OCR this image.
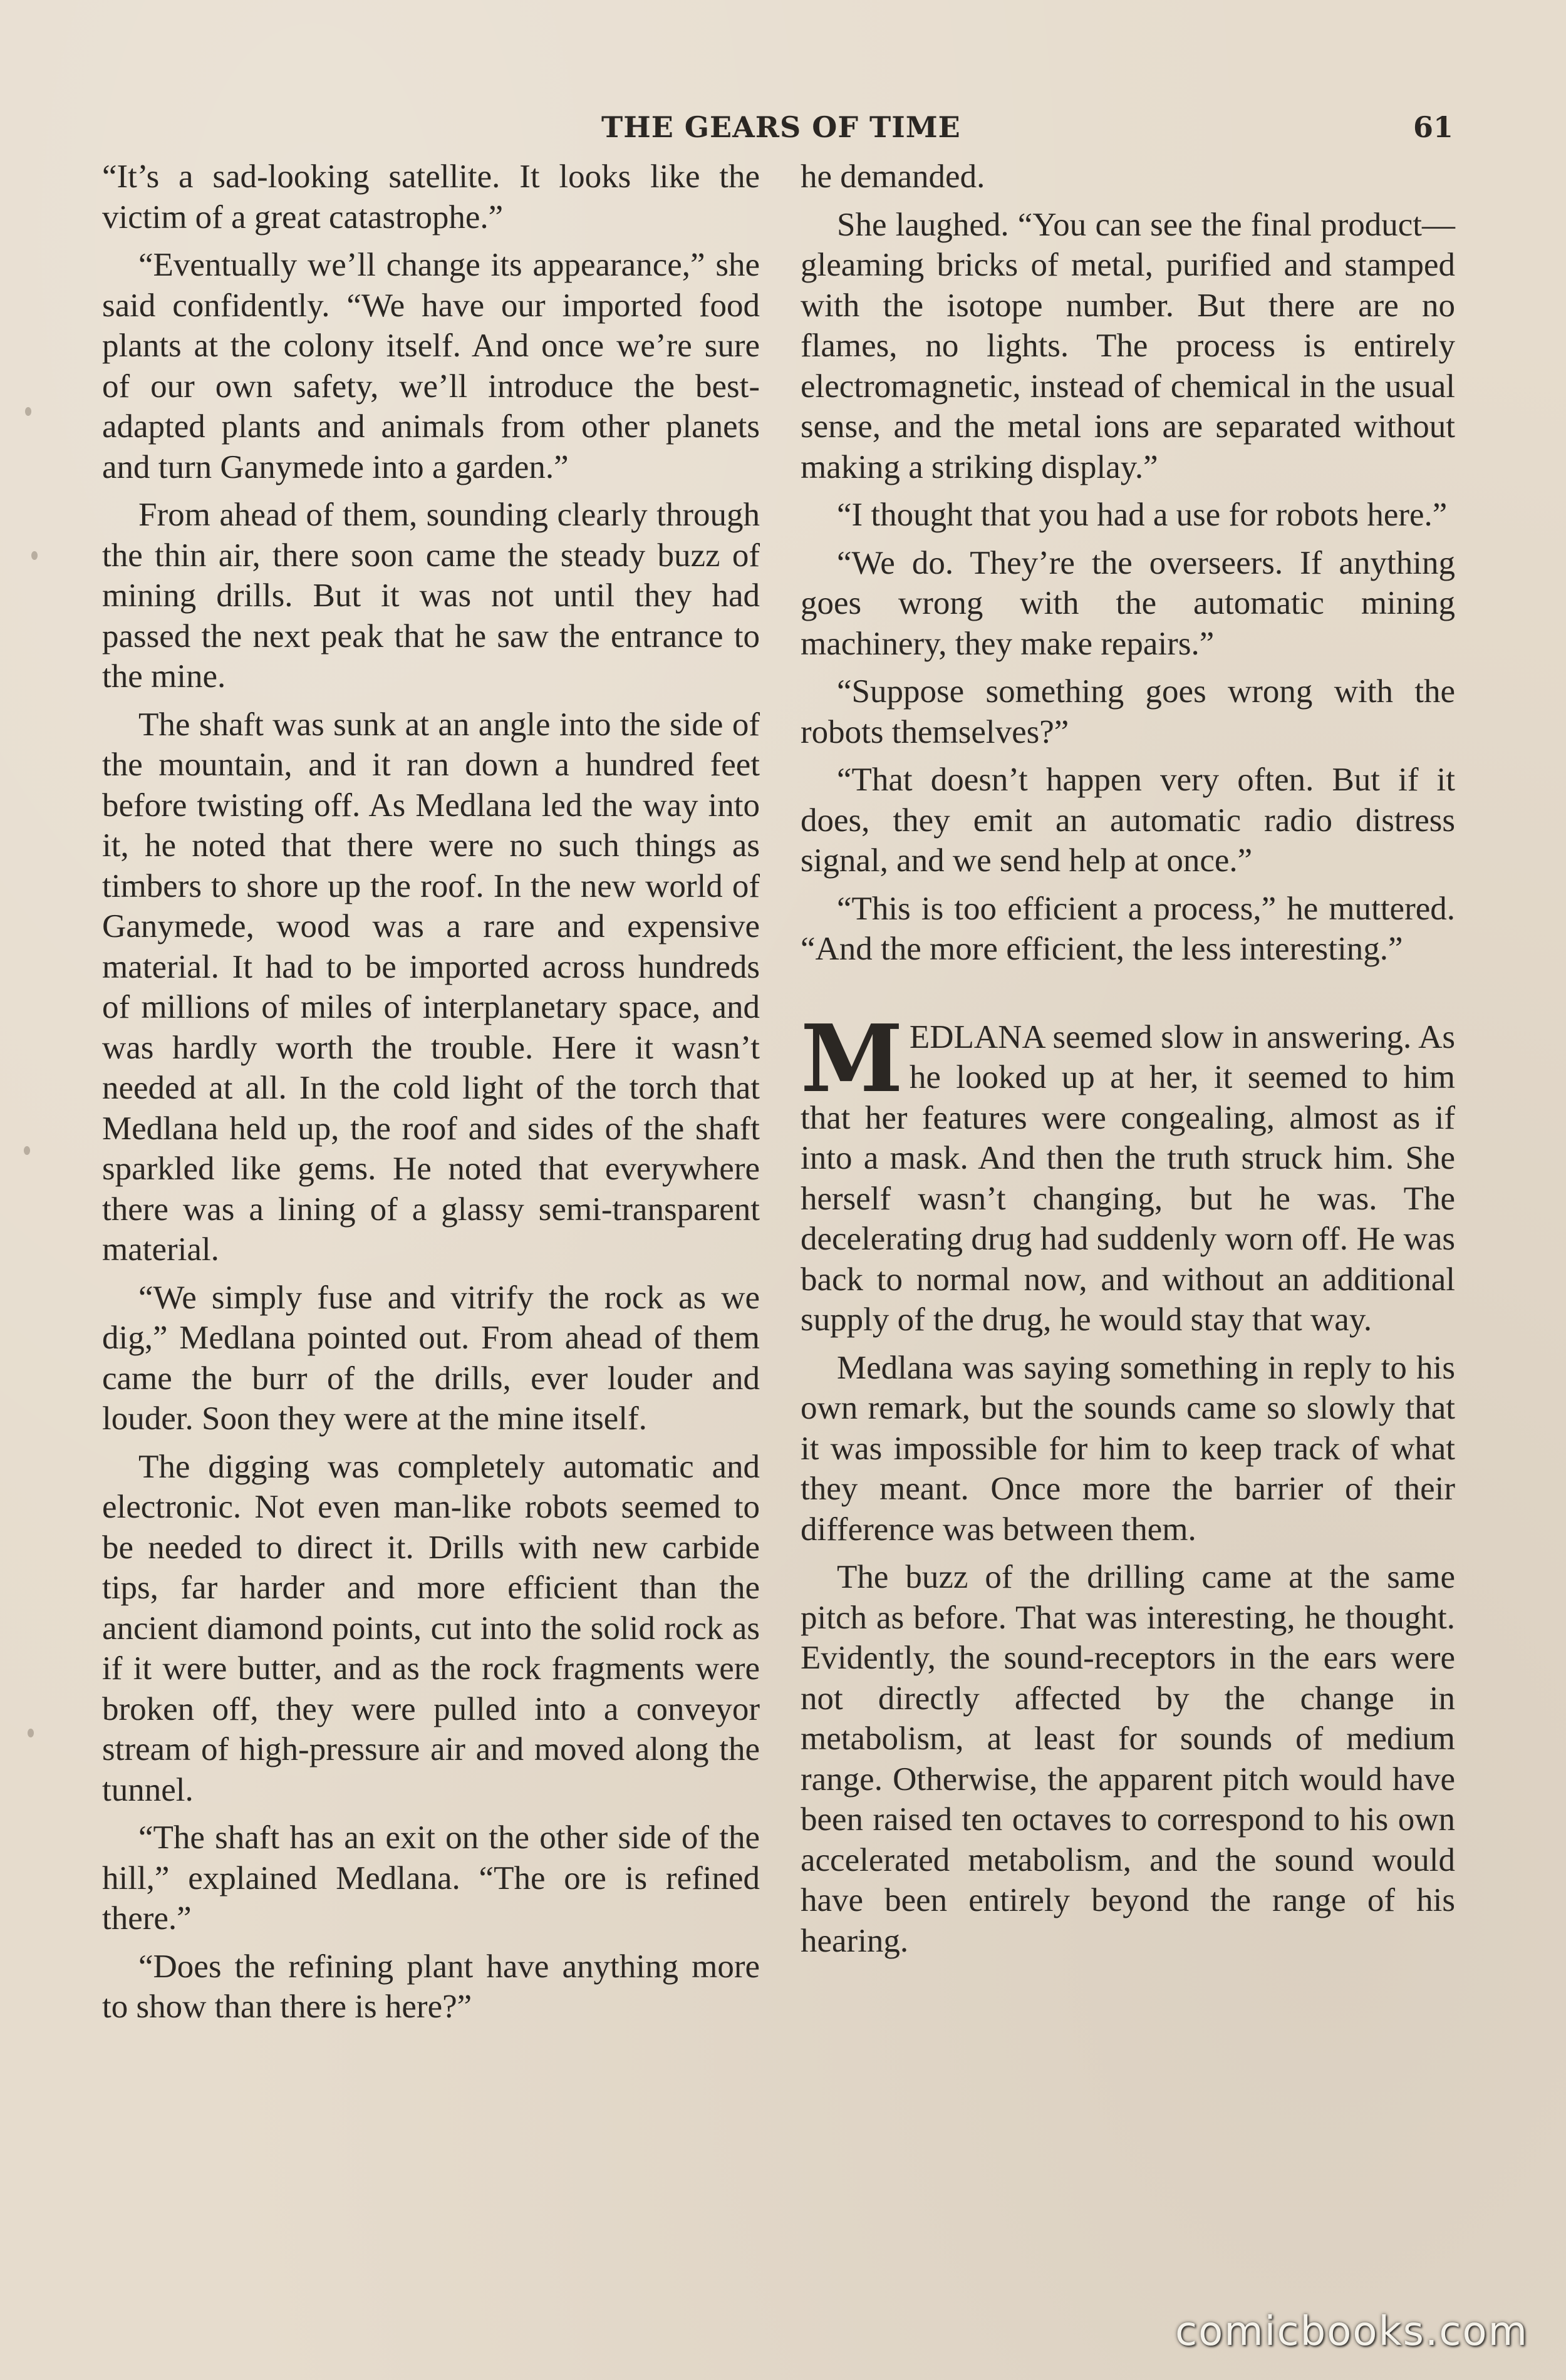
THE GEARS OF TIME	61

“It’s a sad-looking satellite. It looks like the victim of a great catastrophe.”

“Eventually we’ll change its appearance,” she said confidently. “We have our imported food plants at the colony itself. And once we’re sure of our own safety, we’ll introduce the best-adapted plants and animals from other planets and turn Ganymede into a garden.”

From ahead of them, sounding clearly through the thin air, there soon came the steady buzz of mining drills. But it was not until they had passed the next peak that he saw the entrance to the mine.

The shaft was sunk at an angle into the side of the mountain, and it ran down a hundred feet before twisting off. As Medlana led the way into it, he noted that there were no such things as timbers to shore up the roof. In the new world of Ganymede, wood was a rare and expensive material. It had to be imported across hundreds of millions of miles of interplanetary space, and was hardly worth the trouble. Here it wasn’t needed at all. In the cold light of the torch that Medlana held up, the roof and sides of the shaft sparkled like gems. He noted that everywhere there was a lining of a glassy semi-transparent material.

“We simply fuse and vitrify the rock as we dig,” Medlana pointed out. From ahead of them came the burr of the drills, ever louder and louder. Soon they were at the mine itself.

The digging was completely automatic and electronic. Not even man-like robots seemed to be needed to direct it. Drills with new carbide tips, far harder and more efficient than the ancient diamond points, cut into the solid rock as if it were butter, and as the rock fragments were broken off, they were pulled into a conveyor stream of high-pressure air and moved along the tunnel.

“The shaft has an exit on the other side of the hill,” explained Medlana. “The ore is refined there.”

“Does the refining plant have anything more to show than there is here?”

he demanded.

She laughed. “You can see the final product—gleaming bricks of metal, purified and stamped with the isotope number. But there are no flames, no lights. The process is entirely electromagnetic, instead of chemical in the usual sense, and the metal ions are separated without making a striking display.”

“I thought that you had a use for robots here.”

“We do. They’re the overseers. If anything goes wrong with the automatic mining machinery, they make repairs.”

“Suppose something goes wrong with the robots themselves?”

“That doesn’t happen very often. But if it does, they emit an automatic radio distress signal, and we send help at once.”

“This is too efficient a process,” he muttered. “And the more efficient, the less interesting.”

MEDLANA seemed slow in answering. As he looked up at her, it seemed to him that her features were congealing, almost as if into a mask. And then the truth struck him. She herself wasn’t changing, but he was. The decelerating drug had suddenly worn off. He was back to normal now, and without an additional supply of the drug, he would stay that way.

Medlana was saying something in reply to his own remark, but the sounds came so slowly that it was impossible for him to keep track of what they meant. Once more the barrier of their difference was between them.

The buzz of the drilling came at the same pitch as before. That was interesting, he thought. Evidently, the sound-receptors in the ears were not directly affected by the change in metabolism, at least for sounds of medium range. Otherwise, the apparent pitch would have been raised ten octaves to correspond to his own accelerated metabolism, and the sound would have been entirely beyond the range of his hearing.

comicbooks.com
